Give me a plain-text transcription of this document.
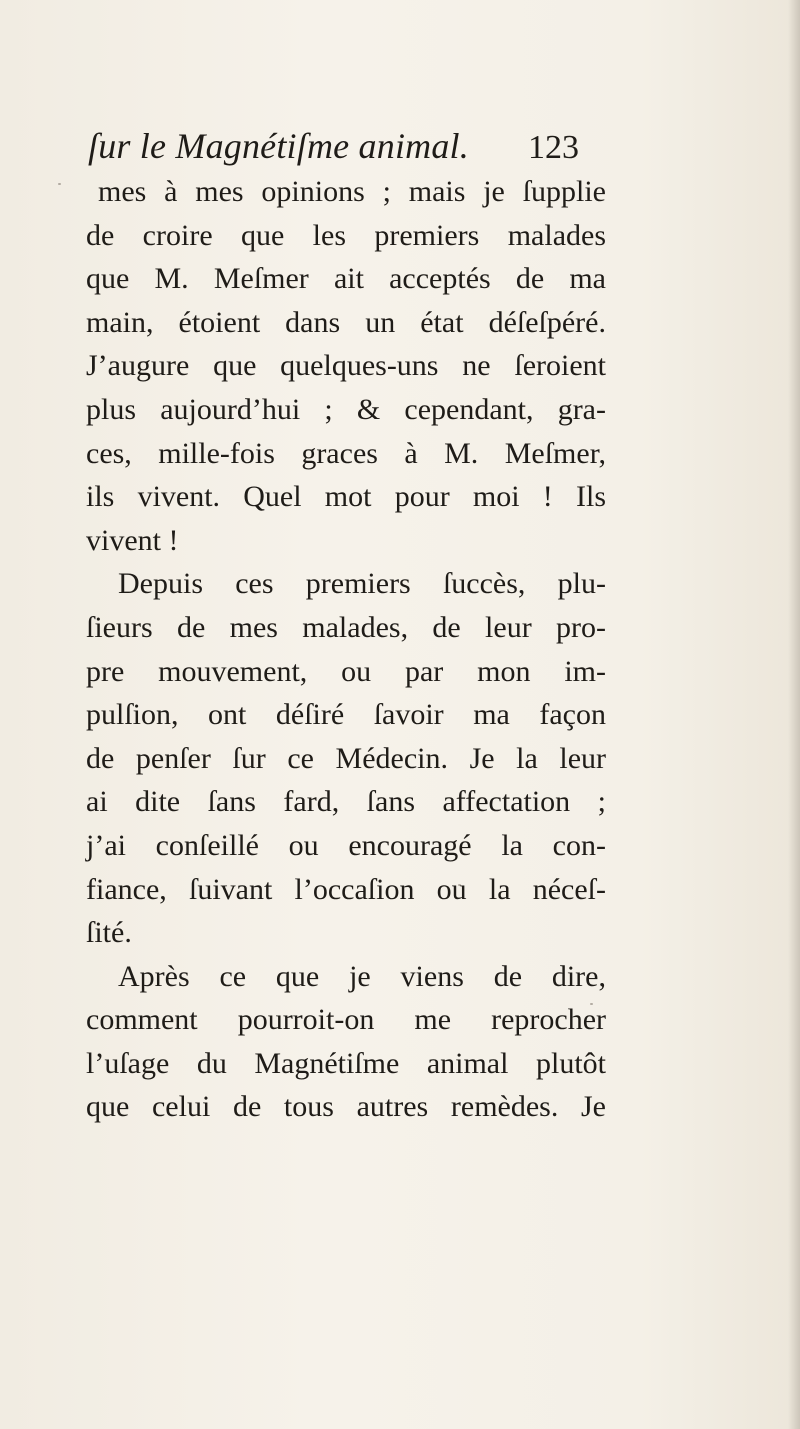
ſur le Magnétiſme animal. 123
mes à mes opinions ; mais je ſupplie
de croire que les premiers malades
que M. Meſmer ait acceptés de ma
main, étoient dans un état déſeſpéré.
J’augure que quelques-uns ne ſeroient
plus aujourd’hui ; & cependant, gra-
ces, mille-fois graces à M. Meſmer,
ils vivent. Quel mot pour moi ! Ils
vivent !
Depuis ces premiers ſuccès, plu-
ſieurs de mes malades, de leur pro-
pre mouvement, ou par mon im-
pulſion, ont déſiré ſavoir ma façon
de penſer ſur ce Médecin. Je la leur
ai dite ſans fard, ſans affectation ;
j’ai conſeillé ou encouragé la con-
fiance, ſuivant l’occaſion ou la néceſ-
ſité.
Après ce que je viens de dire,
comment pourroit-on me reprocher
l’uſage du Magnétiſme animal plutôt
que celui de tous autres remèdes. Je
